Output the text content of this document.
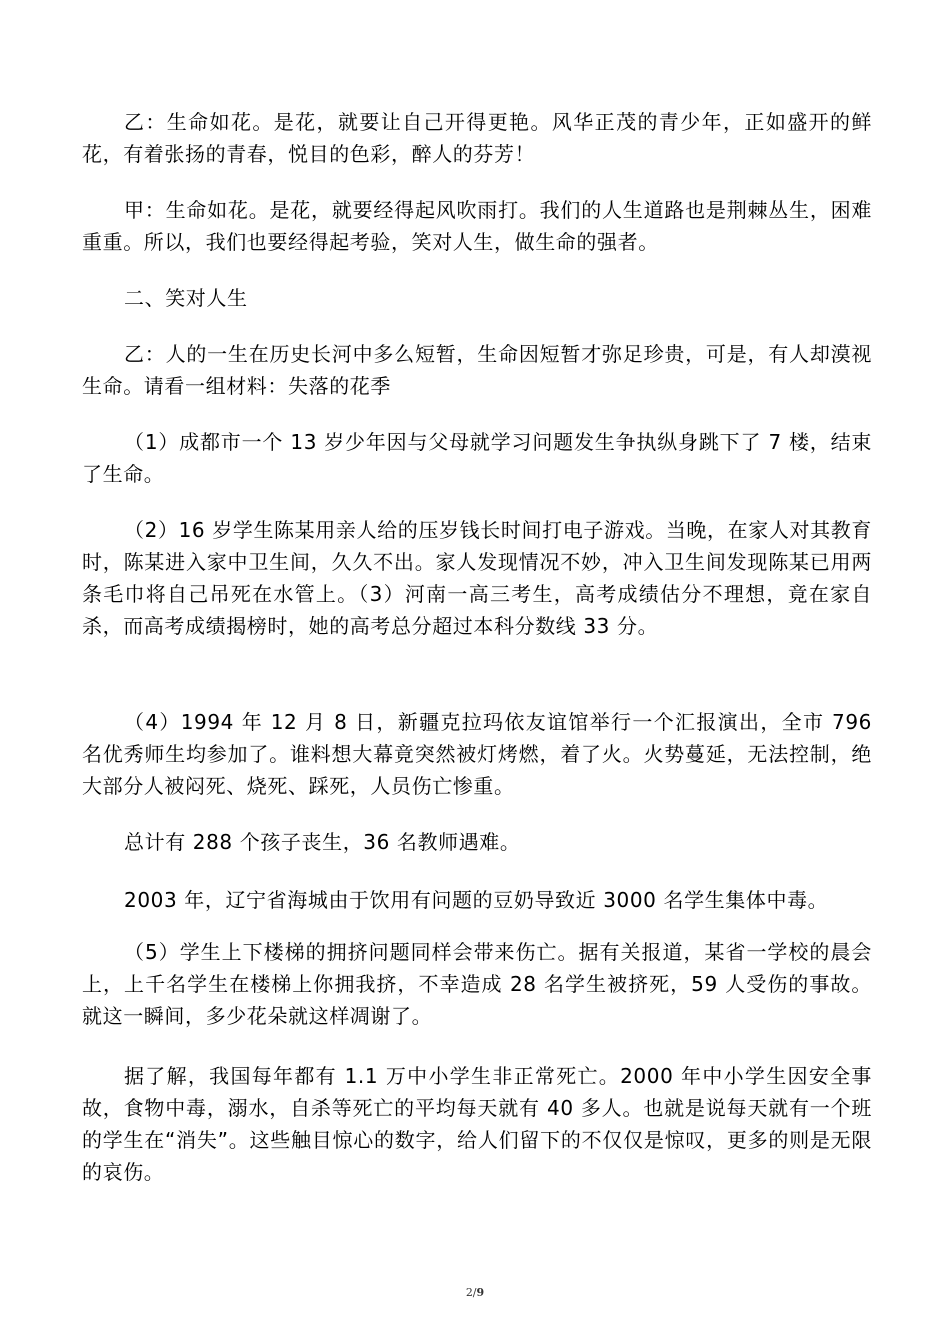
乙：生命如花。是花，就要让自己开得更艳。风华正茂的青少年，正如盛开的鲜花，有着张扬的青春，悦目的色彩，醉人的芬芳！

甲：生命如花。是花，就要经得起风吹雨打。我们的人生道路也是荆棘丛生，困难重重。所以，我们也要经得起考验，笑对人生，做生命的强者。

二、笑对人生

乙：人的一生在历史长河中多么短暂，生命因短暂才弥足珍贵，可是，有人却漠视生命。请看一组材料：失落的花季

（1）成都市一个 13 岁少年因与父母就学习问题发生争执纵身跳下了 7 楼，结束了生命。

（2）16 岁学生陈某用亲人给的压岁钱长时间打电子游戏。当晚，在家人对其教育时，陈某进入家中卫生间，久久不出。家人发现情况不妙，冲入卫生间发现陈某已用两条毛巾将自己吊死在水管上。（3）河南一高三考生，高考成绩估分不理想，竟在家自杀，而高考成绩揭榜时，她的高考总分超过本科分数线 33 分。

（4）1994 年 12 月 8 日，新疆克拉玛依友谊馆举行一个汇报演出，全市 796 名优秀师生均参加了。谁料想大幕竟突然被灯烤燃，着了火。火势蔓延，无法控制，绝大部分人被闷死、烧死、踩死，人员伤亡惨重。

总计有 288 个孩子丧生，36 名教师遇难。

2003 年，辽宁省海城由于饮用有问题的豆奶导致近 3000 名学生集体中毒。

（5）学生上下楼梯的拥挤问题同样会带来伤亡。据有关报道，某省一学校的晨会上，上千名学生在楼梯上你拥我挤，不幸造成 28 名学生被挤死，59 人受伤的事故。就这一瞬间，多少花朵就这样凋谢了。

据了解，我国每年都有 1.1 万中小学生非正常死亡。2000 年中小学生因安全事故，食物中毒，溺水，自杀等死亡的平均每天就有 40 多人。也就是说每天就有一个班的学生在“消失”。这些触目惊心的数字，给人们留下的不仅仅是惊叹，更多的则是无限的哀伤。

2/9
